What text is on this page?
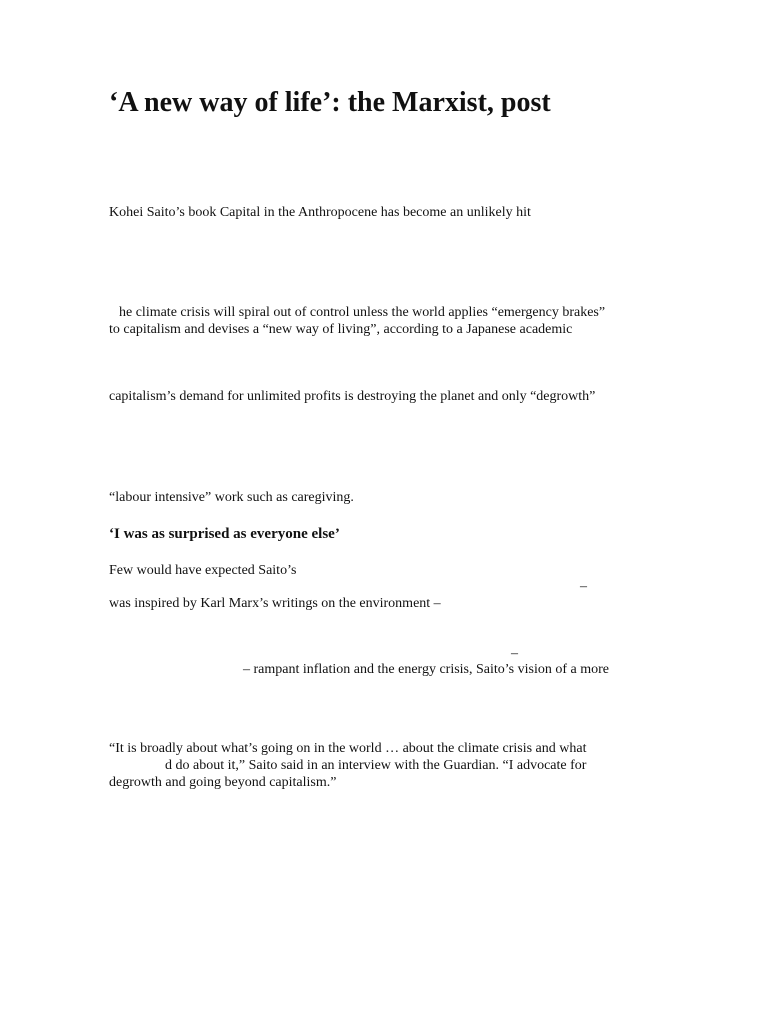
‘A new way of life’: the Marxist, post
Kohei Saito’s book Capital in the Anthropocene has become an unlikely hit
he climate crisis will spiral out of control unless the world applies “emergency brakes”
to capitalism and devises a “new way of living”, according to a Japanese academic
capitalism’s demand for unlimited profits is destroying the planet and only “degrowth”
“labour intensive” work such as caregiving.
‘I was as surprised as everyone else’
Few would have expected Saito’s
–
was inspired by Karl Marx’s writings on the environment –
–
– rampant inflation and the energy crisis, Saito’s vision of a more
“It is broadly about what’s going on in the world … about the climate crisis and what
d do about it,” Saito said in an interview with the Guardian. “I advocate for
degrowth and going beyond capitalism.”
